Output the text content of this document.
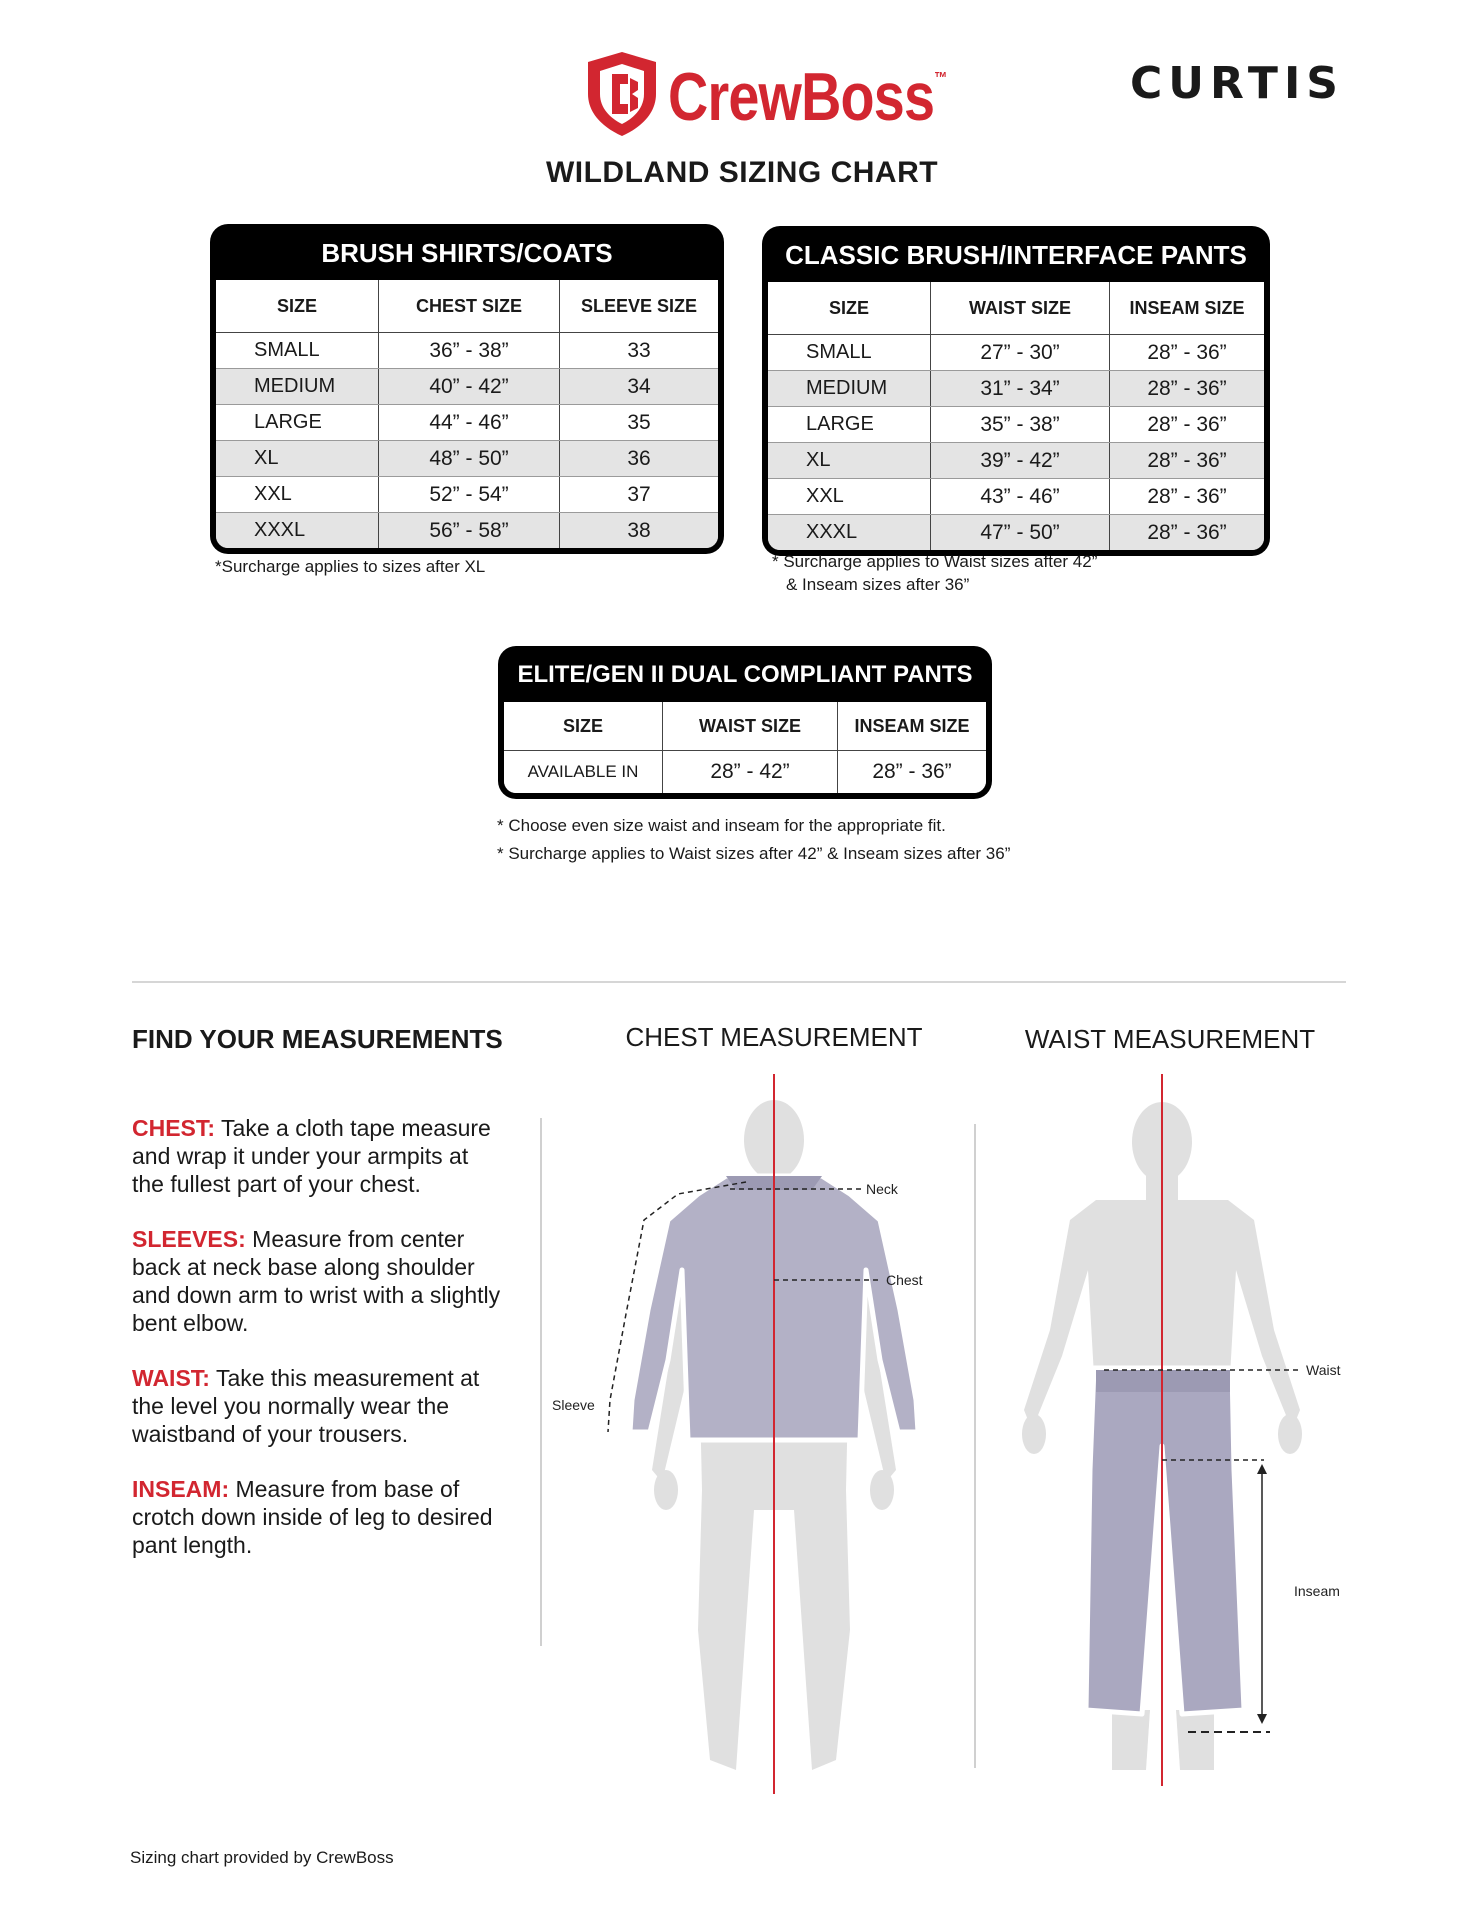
CrewBoss™	CURTIS
WILDLAND SIZING CHART
BRUSH SHIRTS/COATS
SIZE	CHEST SIZE	SLEEVE SIZE
SMALL	36” - 38”	33
MEDIUM	40” - 42”	34
LARGE	44” - 46”	35
XL	48” - 50”	36
XXL	52” - 54”	37
XXXL	56” - 58”	38
*Surcharge applies to sizes after XL
CLASSIC BRUSH/INTERFACE PANTS
SIZE	WAIST SIZE	INSEAM SIZE
SMALL	27” - 30”	28” - 36”
MEDIUM	31” - 34”	28” - 36”
LARGE	35” - 38”	28” - 36”
XL	39” - 42”	28” - 36”
XXL	43” - 46”	28” - 36”
XXXL	47” - 50”	28” - 36”
* Surcharge applies to Waist sizes after 42”
& Inseam sizes after 36”
ELITE/GEN II DUAL COMPLIANT PANTS
SIZE	WAIST SIZE	INSEAM SIZE
AVAILABLE IN	28” - 42”	28” - 36”
* Choose even size waist and inseam for the appropriate fit.
* Surcharge applies to Waist sizes after 42” & Inseam sizes after 36”
FIND YOUR MEASUREMENTS

CHEST: Take a cloth tape measure and wrap it under your armpits at the fullest part of your chest.

SLEEVES: Measure from center back at neck base along shoulder and down arm to wrist with a slightly bent elbow.

WAIST: Take this measurement at the level you normally wear the waistband of your trousers.

INSEAM: Measure from base of crotch down inside of leg to desired pant length.

CHEST MEASUREMENT
Neck
Chest
Sleeve
WAIST MEASUREMENT
Waist
Inseam
Sizing chart provided by CrewBoss
